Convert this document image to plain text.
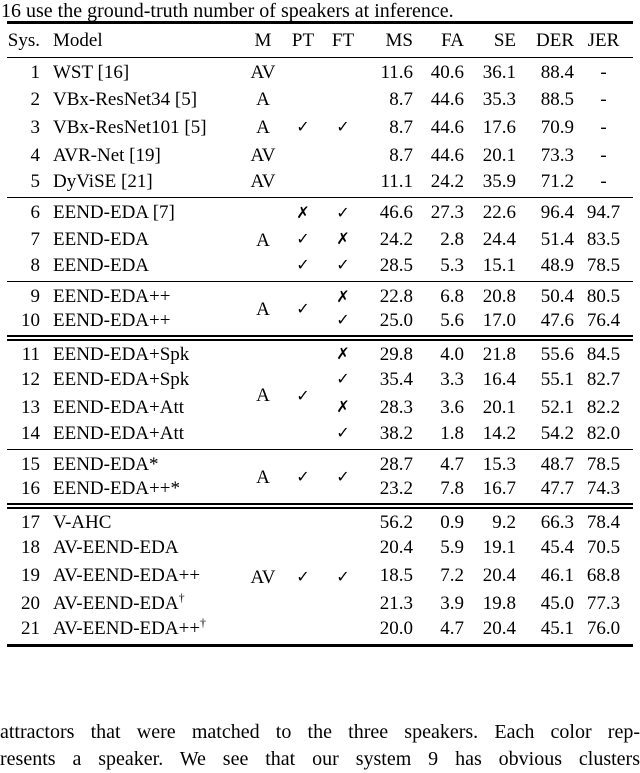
16 use the ground-truth number of speakers at inference.
Sys.	Model	M	PT	FT	MS	FA	SE	DER	JER
1	WST [16]	AV			11.6	40.6	36.1	88.4	-
2	VBx-ResNet34 [5]	A			8.7	44.6	35.3	88.5	-
3	VBx-ResNet101 [5]	A	✓	✓	8.7	44.6	17.6	70.9	-
4	AVR-Net [19]	AV			8.7	44.6	20.1	73.3	-
5	DyViSE [21]	AV			11.1	24.2	35.9	71.2	-
6	EEND-EDA [7]	A	✗	✓	46.6	27.3	22.6	96.4	94.7
7	EEND-EDA		✓	✗	24.2	2.8	24.4	51.4	83.5
8	EEND-EDA		✓	✓	28.5	5.3	15.1	48.9	78.5
9	EEND-EDA++	A	✓	✗	22.8	6.8	20.8	50.4	80.5
10	EEND-EDA++			✓	25.0	5.6	17.0	47.6	76.4
11	EEND-EDA+Spk	A	✓	✗	29.8	4.0	21.8	55.6	84.5
12	EEND-EDA+Spk			✓	35.4	3.3	16.4	55.1	82.7
13	EEND-EDA+Att			✗	28.3	3.6	20.1	52.1	82.2
14	EEND-EDA+Att			✓	38.2	1.8	14.2	54.2	82.0
15	EEND-EDA*	A	✓	✓	28.7	4.7	15.3	48.7	78.5
16	EEND-EDA++*				23.2	7.8	16.7	47.7	74.3
17	V-AHC	AV	✓	✓	56.2	0.9	9.2	66.3	78.4
18	AV-EEND-EDA				20.4	5.9	19.1	45.4	70.5
19	AV-EEND-EDA++				18.5	7.2	20.4	46.1	68.8
20	AV-EEND-EDA†				21.3	3.9	19.8	45.0	77.3
21	AV-EEND-EDA++†				20.0	4.7	20.4	45.1	76.0
attractors that were matched to the three speakers. Each color rep-
resents a speaker. We see that our system 9 has obvious clusters
